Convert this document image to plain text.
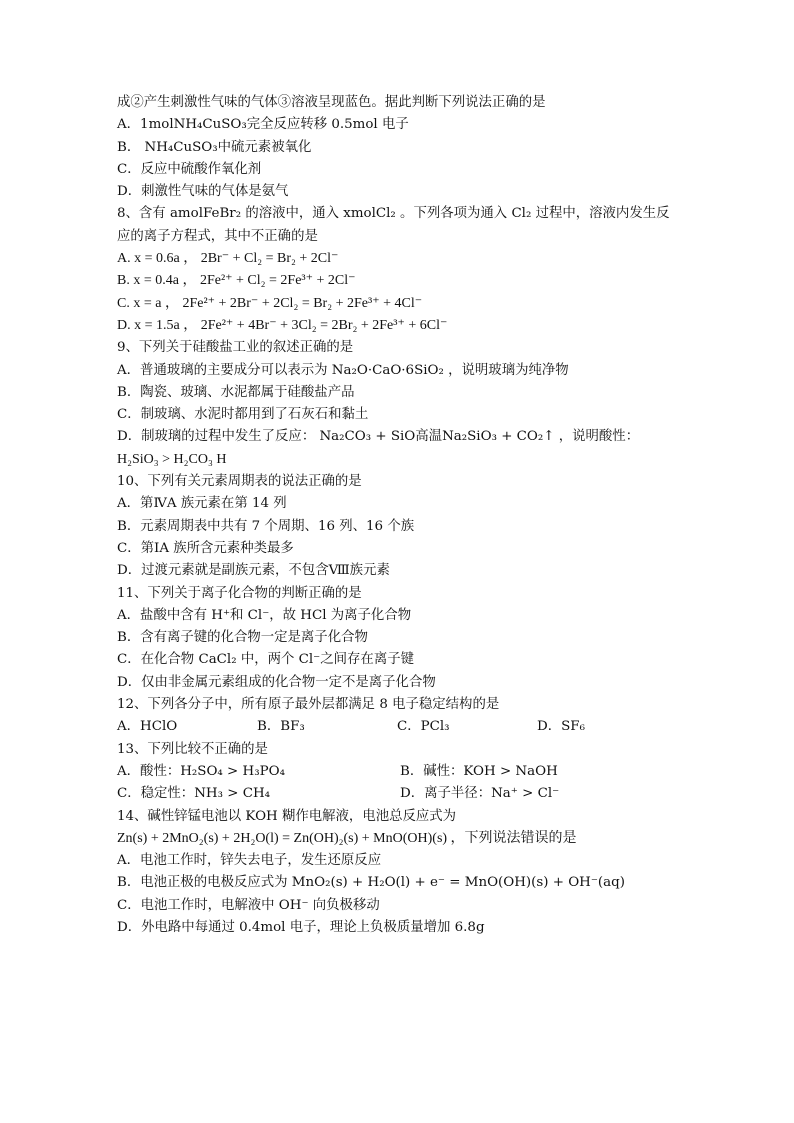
成②产生刺激性气味的气体③溶液呈现蓝色。据此判断下列说法正确的是
A．1molNH₄CuSO₃完全反应转移 0.5mol 电子
B． NH₄CuSO₃中硫元素被氧化
C．反应中硫酸作氧化剂
D．刺激性气味的气体是氨气
8、含有 amolFeBr₂ 的溶液中，通入 xmolCl₂ 。下列各项为通入 Cl₂ 过程中，溶液内发生反
应的离子方程式，其中不正确的是
A. x = 0.6a ， 2Br⁻ + Cl₂ = Br₂ + 2Cl⁻
B. x = 0.4a ， 2Fe²⁺ + Cl₂ = 2Fe³⁺ + 2Cl⁻
C. x = a ， 2Fe²⁺ + 2Br⁻ + 2Cl₂ = Br₂ + 2Fe³⁺ + 4Cl⁻
D. x = 1.5a ， 2Fe²⁺ + 4Br⁻ + 3Cl₂ = 2Br₂ + 2Fe³⁺ + 6Cl⁻
9、下列关于硅酸盐工业的叙述正确的是
A．普通玻璃的主要成分可以表示为 Na₂O·CaO·6SiO₂ ，说明玻璃为纯净物
B．陶瓷、玻璃、水泥都属于硅酸盐产品
C．制玻璃、水泥时都用到了石灰石和黏土
D．制玻璃的过程中发生了反应： Na₂CO₃ + SiO高温Na₂SiO₃ + CO₂↑ ，说明酸性：
H₂SiO₃ > H₂CO₃ H
10、下列有关元素周期表的说法正确的是
A．第ⅣA 族元素在第 14 列
B．元素周期表中共有 7 个周期、16 列、16 个族
C．第ⅠA 族所含元素种类最多
D．过渡元素就是副族元素，不包含Ⅷ族元素
11、下列关于离子化合物的判断正确的是
A．盐酸中含有 H⁺和 Cl⁻，故 HCl 为离子化合物
B．含有离子键的化合物一定是离子化合物
C．在化合物 CaCl₂ 中，两个 Cl⁻之间存在离子键
D．仅由非金属元素组成的化合物一定不是离子化合物
12、下列各分子中，所有原子最外层都满足 8 电子稳定结构的是
A．HClO	B．BF₃	C．PCl₃	D．SF₆
13、下列比较不正确的是
A．酸性：H₂SO₄ > H₃PO₄	B．碱性：KOH > NaOH
C．稳定性：NH₃ > CH₄	D．离子半径：Na⁺ > Cl⁻
14、碱性锌锰电池以 KOH 糊作电解液，电池总反应式为
Zn(s) + 2MnO₂(s) + 2H₂O(l) = Zn(OH)₂(s) + MnO(OH)(s) ，下列说法错误的是
A．电池工作时，锌失去电子，发生还原反应
B．电池正极的电极反应式为 MnO₂(s) + H₂O(l) + e⁻ = MnO(OH)(s) + OH⁻(aq)
C．电池工作时，电解液中 OH⁻ 向负极移动
D．外电路中每通过 0.4mol 电子，理论上负极质量增加 6.8g
